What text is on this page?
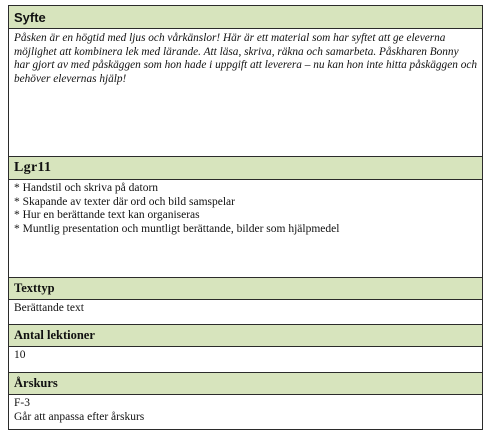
Syfte
Påsken är en högtid med ljus och vårkänslor! Här är ett material som har syftet att ge eleverna möjlighet att kombinera lek med lärande. Att läsa, skriva, räkna och samarbeta. Påskharen Bonny har gjort av med påskäggen som hon hade i uppgift att leverera – nu kan hon inte hitta påskäggen och behöver elevernas hjälp!
Lgr11

* Handstil och skriva på datorn
* Skapande av texter där ord och bild samspelar
* Hur en berättande text kan organiseras
* Muntlig presentation och muntligt berättande, bilder som hjälpmedel

Texttyp
Berättande text
Antal lektioner
10
Årskurs

F-3
Går att anpassa efter årskurs
